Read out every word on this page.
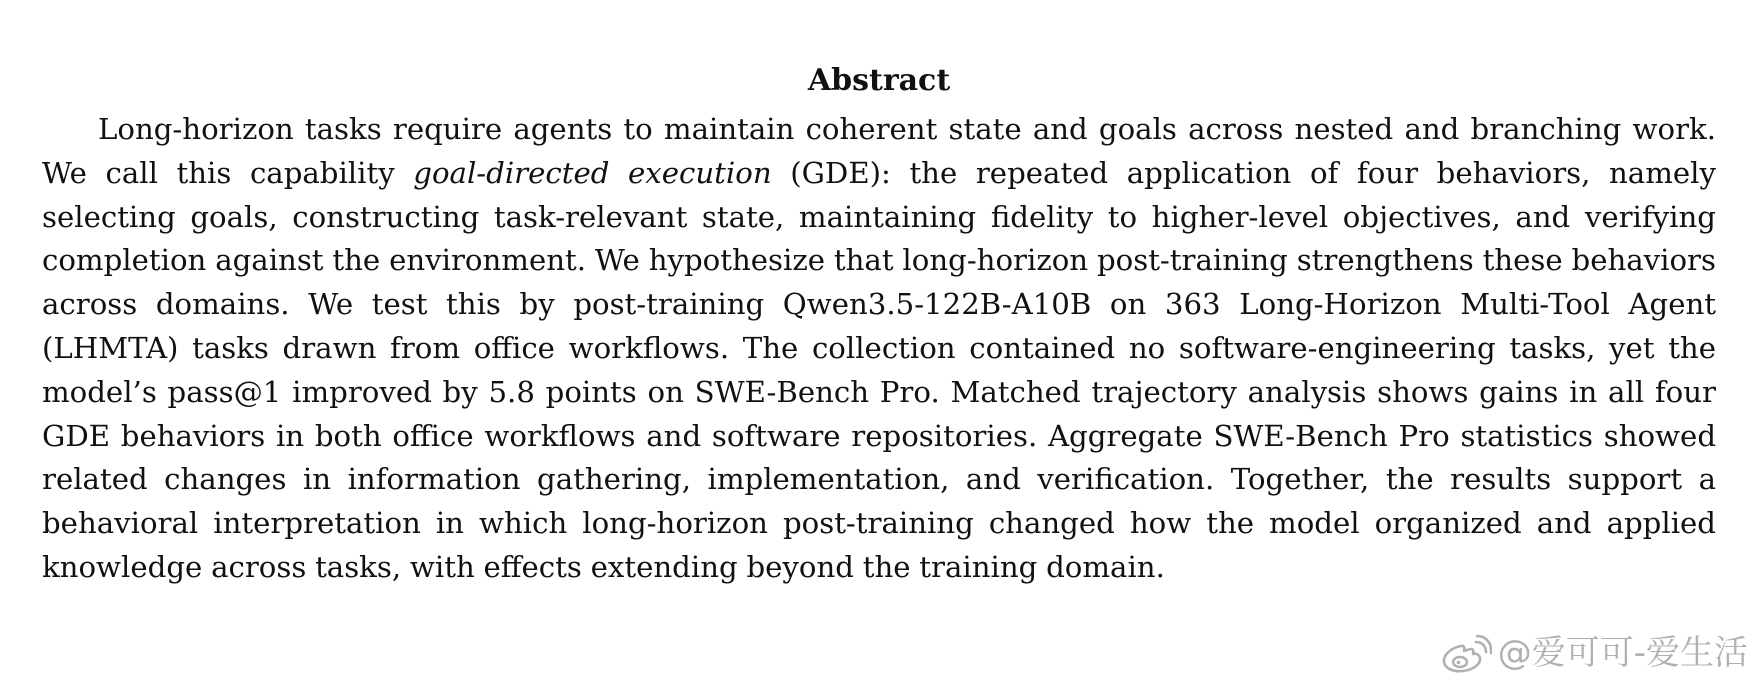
Abstract

Long-horizon tasks require agents to maintain coherent state and goals across nested and branching work. We call this capability goal-directed execution (GDE): the repeated application of four behaviors, namely selecting goals, constructing task-relevant state, maintaining fidelity to higher-level objectives, and verifying completion against the environment. We hypothesize that long-horizon post-training strengthens these behaviors across domains. We test this by post-training Qwen3.5-122B-A10B on 363 Long-Horizon Multi-Tool Agent (LHMTA) tasks drawn from office workflows. The collection contained no software-engineering tasks, yet the model’s pass@1 improved by 5.8 points on SWE-Bench Pro. Matched trajectory analysis shows gains in all four GDE behaviors in both office workflows and software repositories. Aggregate SWE-Bench Pro statistics showed related changes in information gathering, implementation, and verification. Together, the results support a behavioral interpretation in which long-horizon post-training changed how the model organized and applied knowledge across tasks, with effects extending beyond the training domain.

@爱可可-爱生活
